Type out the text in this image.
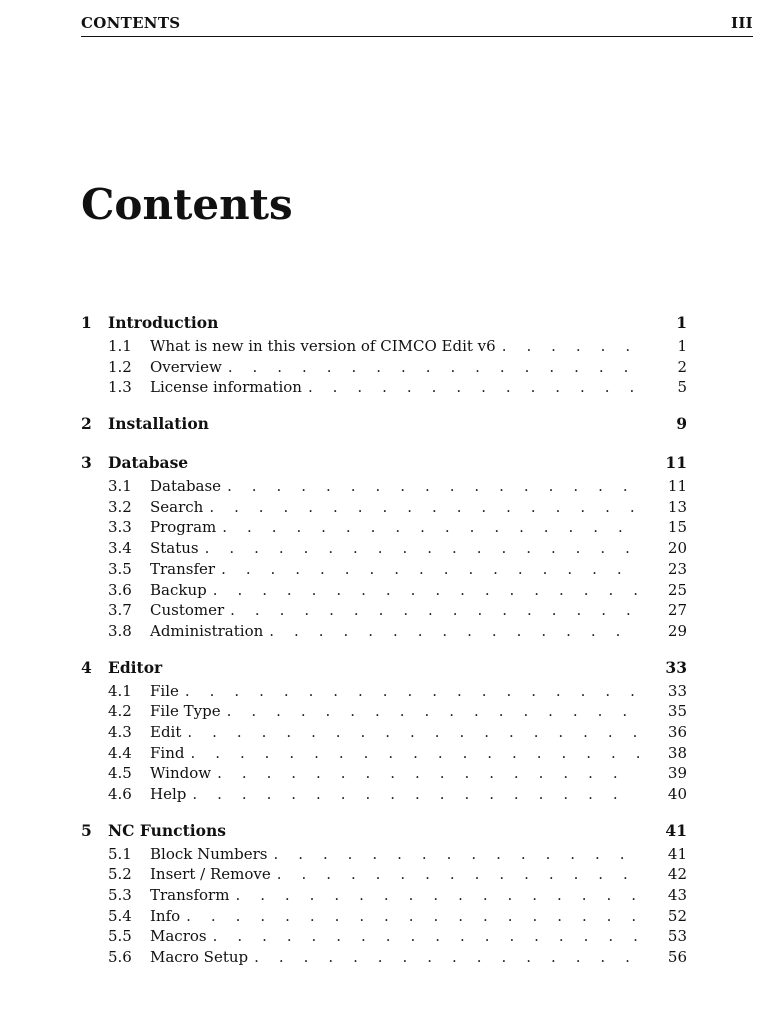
CONTENTS	III
Contents
1	Introduction	1
1.1	What is new in this version of CIMCO Edit v6 . . .	1
1.2	Overview . . .	2
1.3	License information . . .	5
2	Installation	9
3	Database	11
3.1	Database . . .	11
3.2	Search . . .	13
3.3	Program . . .	15
3.4	Status . . .	20
3.5	Transfer . . .	23
3.6	Backup . . .	25
3.7	Customer . . .	27
3.8	Administration . . .	29
4	Editor	33
4.1	File . . .	33
4.2	File Type . . .	35
4.3	Edit . . .	36
4.4	Find . . .	38
4.5	Window . . .	39
4.6	Help . . .	40
5	NC Functions	41
5.1	Block Numbers . . .	41
5.2	Insert / Remove . . .	42
5.3	Transform . . .	43
5.4	Info . . .	52
5.5	Macros . . .	53
5.6	Macro Setup . . .	56
